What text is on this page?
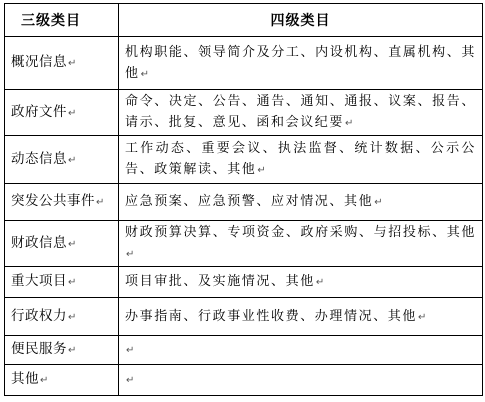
三级类目	四级类目
概况信息↵	机构职能、领导简介及分工、内设机构、直属机构、其他↵
政府文件↵	命令、决定、公告、通告、通知、通报、议案、报告、请示、批复、意见、函和会议纪要↵
动态信息↵	工作动态、重要会议、执法监督、统计数据、公示公告、政策解读、其他↵
突发公共事件↵	应急预案、应急预警、应对情况、其他↵
财政信息↵	财政预算决算、专项资金、政府采购、与招投标、其他↵
重大项目↵	项目审批、及实施情况、其他↵
行政权力↵	办事指南、行政事业性收费、办理情况、其他↵
便民服务↵	↵
其他↵	↵
